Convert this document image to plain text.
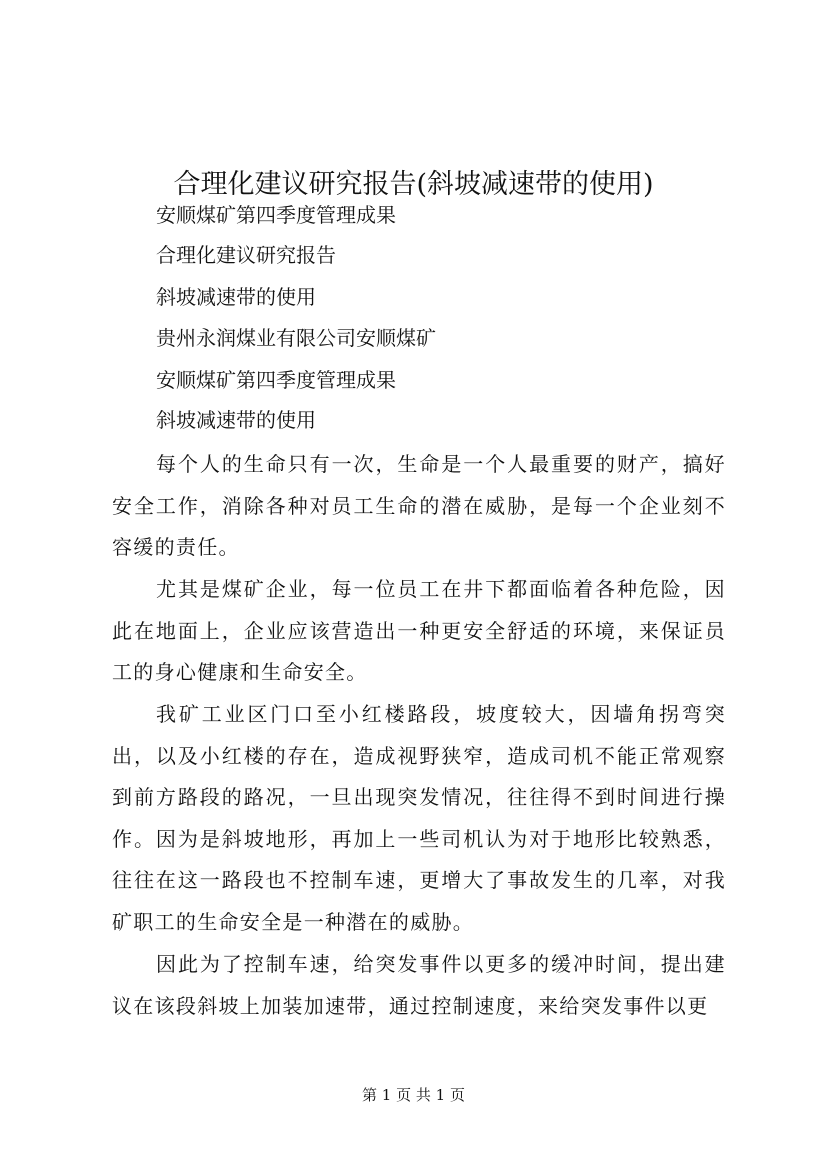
合理化建议研究报告(斜坡减速带的使用)
安顺煤矿第四季度管理成果
合理化建议研究报告
斜坡减速带的使用
贵州永润煤业有限公司安顺煤矿
安顺煤矿第四季度管理成果
斜坡减速带的使用

每个人的生命只有一次，生命是一个人最重要的财产，搞好安全工作，消除各种对员工生命的潜在威胁，是每一个企业刻不容缓的责任。

尤其是煤矿企业，每一位员工在井下都面临着各种危险，因此在地面上，企业应该营造出一种更安全舒适的环境，来保证员工的身心健康和生命安全。

我矿工业区门口至小红楼路段，坡度较大，因墙角拐弯突出，以及小红楼的存在，造成视野狭窄，造成司机不能正常观察到前方路段的路况，一旦出现突发情况，往往得不到时间进行操作。因为是斜坡地形，再加上一些司机认为对于地形比较熟悉，往往在这一路段也不控制车速，更增大了事故发生的几率，对我矿职工的生命安全是一种潜在的威胁。

因此为了控制车速，给突发事件以更多的缓冲时间，提出建议在该段斜坡上加装加速带，通过控制速度，来给突发事件以更

第 1 页 共 1 页
